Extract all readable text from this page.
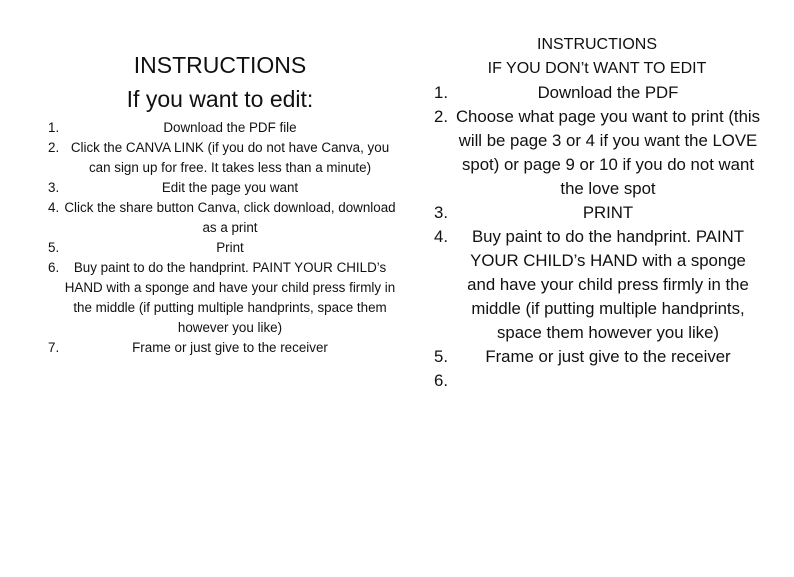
INSTRUCTIONS
If you want to edit:
1.	Download the PDF file
2. Click the CANVA LINK (if you do not have Canva, you can sign up for free. It takes less than a minute)
3.	Edit the page you want
4. Click the share button Canva, click download, download as a print
5.	Print
6. Buy paint to do the handprint. PAINT YOUR CHILD’s HAND with a sponge and have your child press firmly in the middle (if putting multiple handprints, space them however you like)
7.	Frame or just give to the receiver
INSTRUCTIONS
IF YOU DON’t WANT TO EDIT
1.	Download the PDF
2. Choose what page you want to print (this will be page 3 or 4 if you want the LOVE spot) or page 9 or 10 if you do not want the love spot
3.	PRINT
4. Buy paint to do the handprint. PAINT YOUR CHILD’s HAND with a sponge and have your child press firmly in the middle (if putting multiple handprints, space them however you like)
5. Frame or just give to the receiver
6.
